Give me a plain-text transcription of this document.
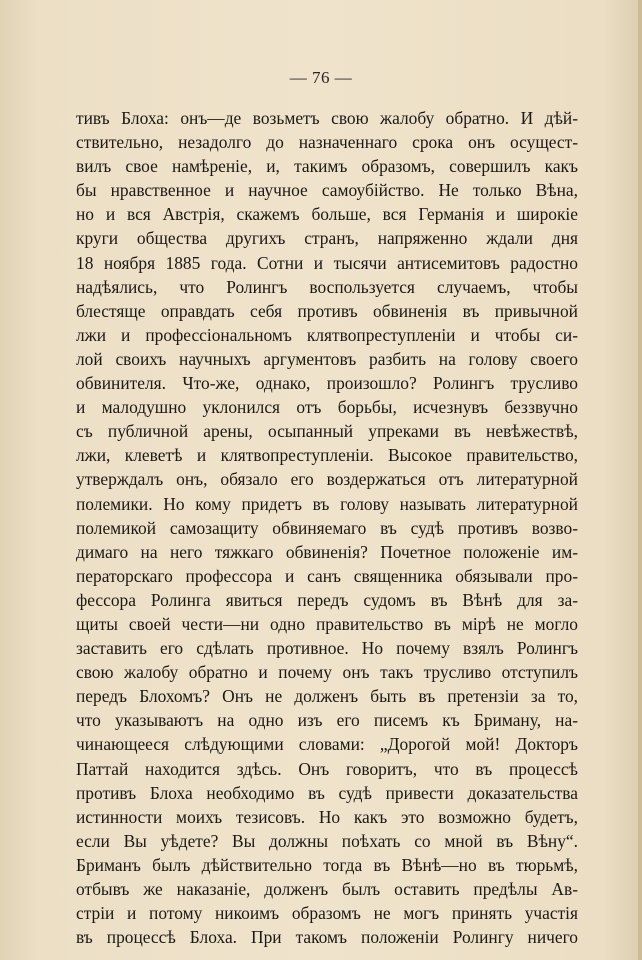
— 76 —
тивъ Блоха: онъ—де возьметъ свою жалобу обратно. И дѣй-
ствительно, незадолго до назначеннаго срока онъ осущест-
вилъ свое намѣреніе, и, такимъ образомъ, совершилъ какъ
бы нравственное и научное самоубійство. Не только Вѣна,
но и вся Австрія, скажемъ больше, вся Германія и широкіе
круги общества другихъ странъ, напряженно ждали дня
18 ноября 1885 года. Сотни и тысячи антисемитовъ радостно
надѣялись, что Ролингъ воспользуется случаемъ, чтобы
блестяще оправдать себя противъ обвиненія въ привычной
лжи и профессіональномъ клятвопреступленіи и чтобы си-
лой своихъ научныхъ аргументовъ разбить на голову своего
обвинителя. Что-же, однако, произошло? Ролингъ трусливо
и малодушно уклонился отъ борьбы, исчезнувъ беззвучно
съ публичной арены, осыпанный упреками въ невѣжествѣ,
лжи, клеветѣ и клятвопреступленіи. Высокое правительство,
утверждалъ онъ, обязало его воздержаться отъ литературной
полемики. Но кому придетъ въ голову называть литературной
полемикой самозащиту обвиняемаго въ судѣ противъ возво-
димаго на него тяжкаго обвиненія? Почетное положеніе им-
ператорскаго профессора и санъ священника обязывали про-
фессора Ролинга явиться передъ судомъ въ Вѣнѣ для за-
щиты своей чести—ни одно правительство въ мірѣ не могло
заставить его сдѣлать противное. Но почему взялъ Ролингъ
свою жалобу обратно и почему онъ такъ трусливо отступилъ
передъ Блохомъ? Онъ не долженъ быть въ претензіи за то,
что указываютъ на одно изъ его писемъ къ Бриману, на-
чинающееся слѣдующими словами: „Дорогой мой! Докторъ
Паттай находится здѣсь. Онъ говоритъ, что въ процессѣ
противъ Блоха необходимо въ судѣ привести доказательства
истинности моихъ тезисовъ. Но какъ это возможно будетъ,
если Вы уѣдете? Вы должны поѣхать со мной въ Вѣну“.
Бриманъ былъ дѣйствительно тогда въ Вѣнѣ—но въ тюрьмѣ,
отбывъ же наказаніе, долженъ былъ оставить предѣлы Ав-
стріи и потому никоимъ образомъ не могъ принять участія
въ процессѣ Блоха. При такомъ положеніи Ролингу ничего
